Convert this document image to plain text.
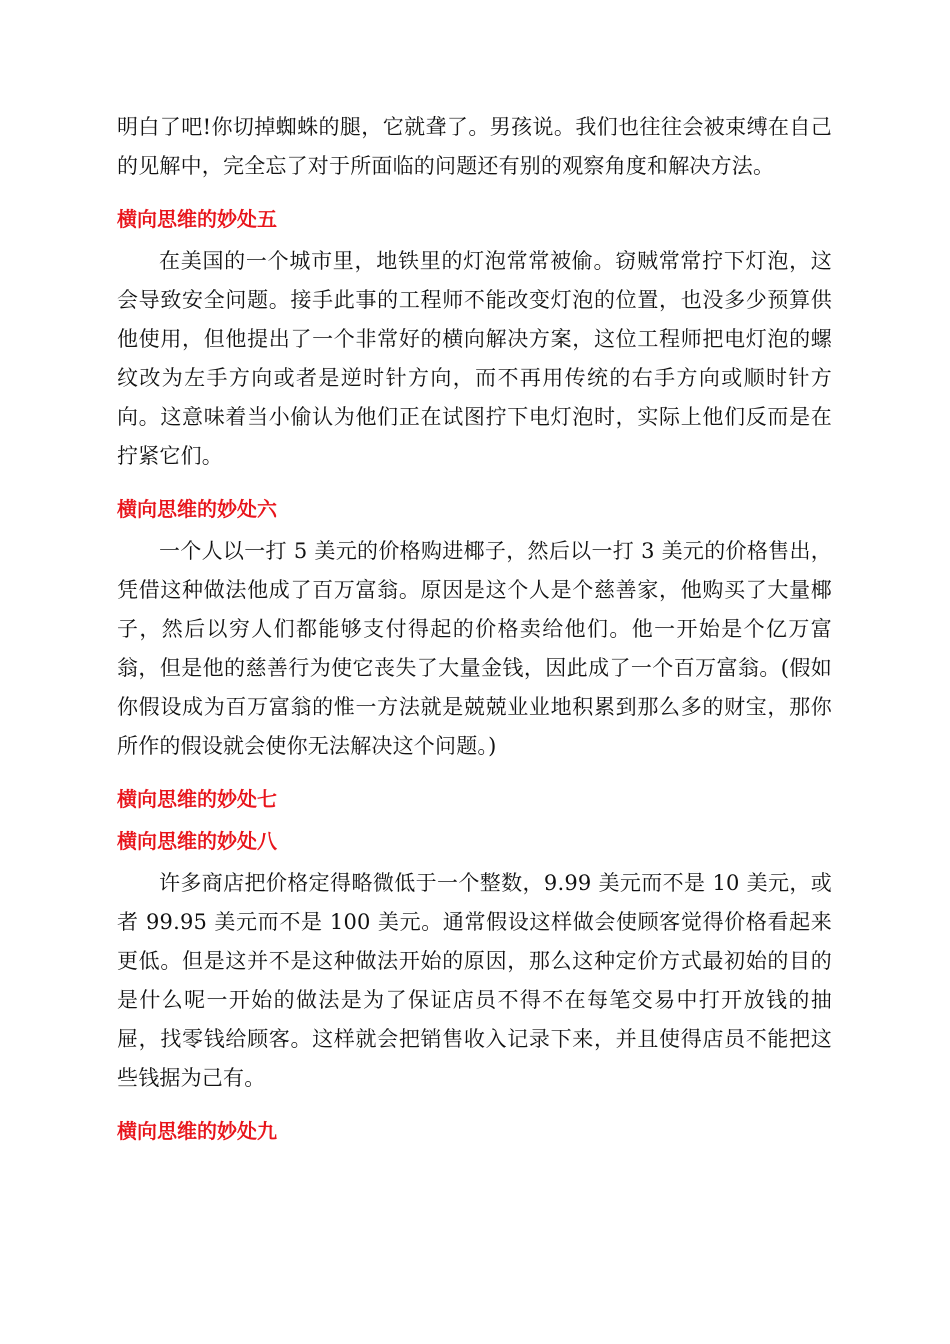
明白了吧!你切掉蜘蛛的腿，它就聋了。男孩说。我们也往往会被束缚在自己的见解中，完全忘了对于所面临的问题还有别的观察角度和解决方法。

横向思维的妙处五

在美国的一个城市里，地铁里的灯泡常常被偷。窃贼常常拧下灯泡，这会导致安全问题。接手此事的工程师不能改变灯泡的位置，也没多少预算供他使用，但他提出了一个非常好的横向解决方案，这位工程师把电灯泡的螺纹改为左手方向或者是逆时针方向，而不再用传统的右手方向或顺时针方向。这意味着当小偷认为他们正在试图拧下电灯泡时，实际上他们反而是在拧紧它们。

横向思维的妙处六

一个人以一打 5 美元的价格购进椰子，然后以一打 3 美元的价格售出，凭借这种做法他成了百万富翁。原因是这个人是个慈善家，他购买了大量椰子，然后以穷人们都能够支付得起的价格卖给他们。他一开始是个亿万富翁，但是他的慈善行为使它丧失了大量金钱，因此成了一个百万富翁。(假如你假设成为百万富翁的惟一方法就是兢兢业业地积累到那么多的财宝，那你所作的假设就会使你无法解决这个问题。)

横向思维的妙处七

横向思维的妙处八

许多商店把价格定得略微低于一个整数，9.99 美元而不是 10 美元，或者 99.95 美元而不是 100 美元。通常假设这样做会使顾客觉得价格看起来更低。但是这并不是这种做法开始的原因，那么这种定价方式最初始的目的是什么呢一开始的做法是为了保证店员不得不在每笔交易中打开放钱的抽屉，找零钱给顾客。这样就会把销售收入记录下来，并且使得店员不能把这些钱据为己有。

横向思维的妙处九
